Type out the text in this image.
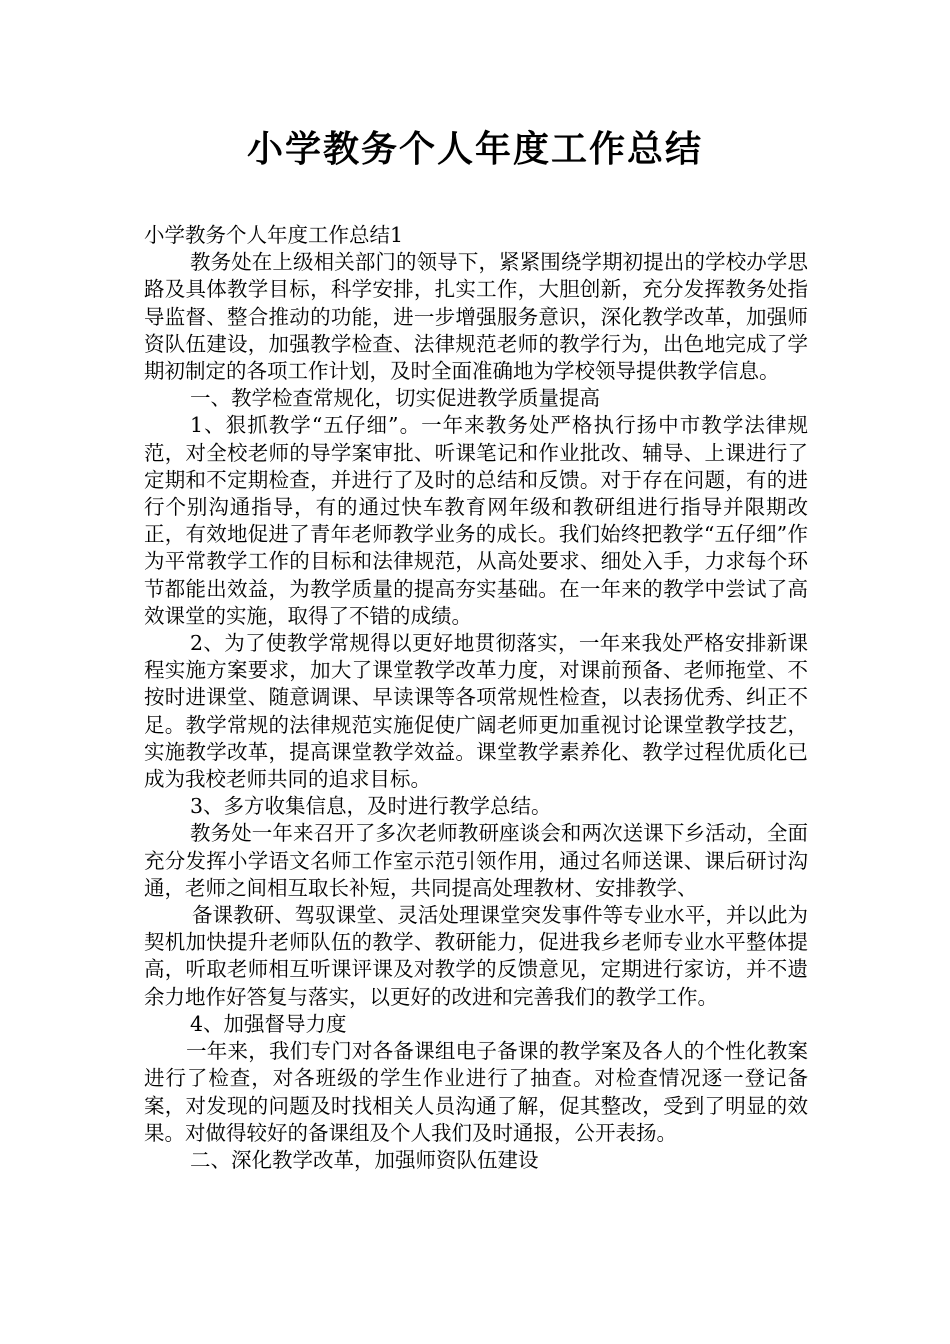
小学教务个人年度工作总结

小学教务个人年度工作总结1

教务处在上级相关部门的领导下，紧紧围绕学期初提出的学校办学思路及具体教学目标，科学安排，扎实工作，大胆创新，充分发挥教务处指导监督、整合推动的功能，进一步增强服务意识，深化教学改革，加强师资队伍建设，加强教学检查、法律规范老师的教学行为，出色地完成了学期初制定的各项工作计划，及时全面准确地为学校领导提供教学信息。

一、教学检查常规化，切实促进教学质量提高

1、狠抓教学“五仔细”。一年来教务处严格执行扬中市教学法律规范，对全校老师的导学案审批、听课笔记和作业批改、辅导、上课进行了定期和不定期检查，并进行了及时的总结和反馈。对于存在问题，有的进行个别沟通指导，有的通过快车教育网年级和教研组进行指导并限期改正，有效地促进了青年老师教学业务的成长。我们始终把教学“五仔细”作为平常教学工作的目标和法律规范，从高处要求、细处入手，力求每个环节都能出效益，为教学质量的提高夯实基础。在一年来的教学中尝试了高效课堂的实施，取得了不错的成绩。

2、为了使教学常规得以更好地贯彻落实，一年来我处严格安排新课程实施方案要求，加大了课堂教学改革力度，对课前预备、老师拖堂、不按时进课堂、随意调课、早读课等各项常规性检查，以表扬优秀、纠正不足。教学常规的法律规范实施促使广阔老师更加重视讨论课堂教学技艺，实施教学改革，提高课堂教学效益。课堂教学素养化、教学过程优质化已成为我校老师共同的追求目标。

3、多方收集信息，及时进行教学总结。

教务处一年来召开了多次老师教研座谈会和两次送课下乡活动，全面充分发挥小学语文名师工作室示范引领作用，通过名师送课、课后研讨沟通，老师之间相互取长补短，共同提高处理教材、安排教学、

备课教研、驾驭课堂、灵活处理课堂突发事件等专业水平，并以此为契机加快提升老师队伍的教学、教研能力，促进我乡老师专业水平整体提高，听取老师相互听课评课及对教学的反馈意见，定期进行家访，并不遗余力地作好答复与落实，以更好的改进和完善我们的教学工作。

4、加强督导力度

一年来，我们专门对各备课组电子备课的教学案及各人的个性化教案进行了检查，对各班级的学生作业进行了抽查。对检查情况逐一登记备案，对发现的问题及时找相关人员沟通了解，促其整改，受到了明显的效果。对做得较好的备课组及个人我们及时通报，公开表扬。

二、深化教学改革，加强师资队伍建设
